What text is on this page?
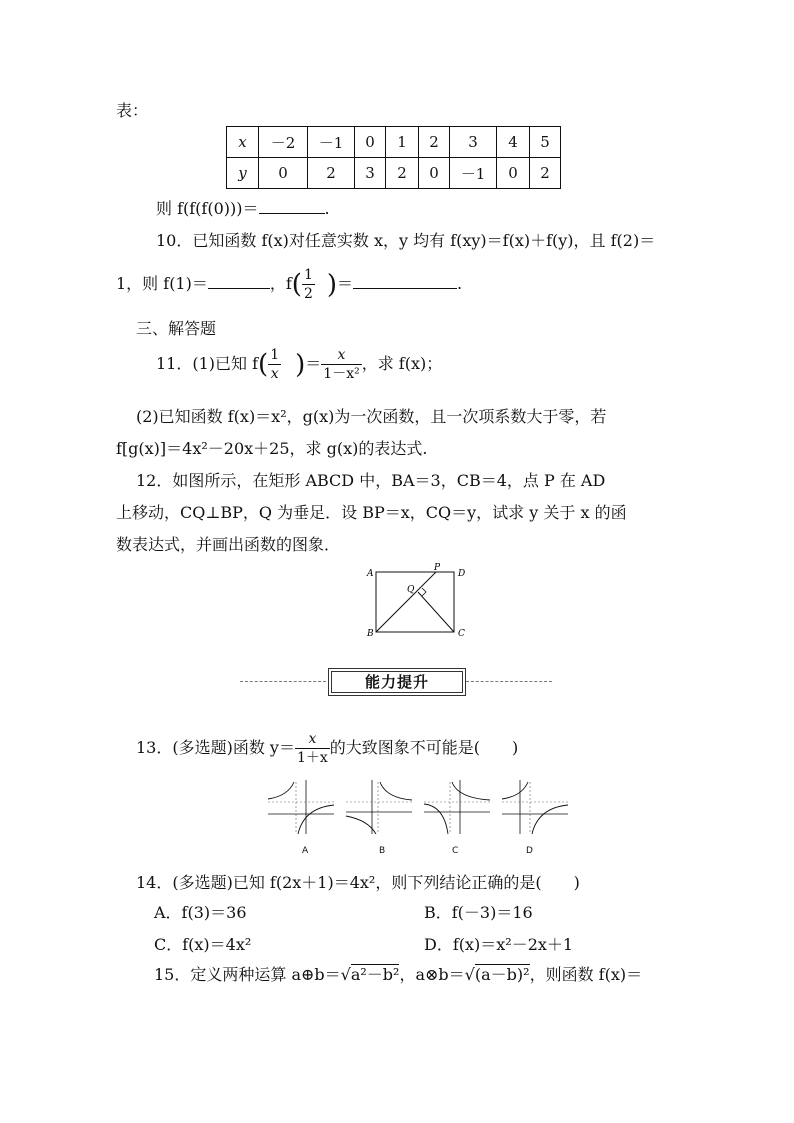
表：
x	－2	－1	0	1	2	3	4	5
y	0	2	3	2	0	－1	0	2
则 f(f(f(0)))＝	.
10．已知函数 f(x)对任意实数 x，y 均有 f(xy)＝f(x)＋f(y)，且 f(2)＝
1，则 f(1)＝	，$f( \frac{1}{2}$ )＝	.
三、解答题
11．(1)已知 $f( \frac{1}{x}$ )＝ $\frac{x}{\text{1－x²}}$ ，求 f(x)；
(2)已知函数 f(x)＝x²，g(x)为一次函数，且一次项系数大于零，若
f[g(x)]＝4x²－20x＋25，求 g(x)的表达式.
12．如图所示，在矩形 ABCD 中，BA＝3，CB＝4，点 P 在 AD
上移动，CQ⊥BP，Q 为垂足．设 BP＝x，CQ＝y，试求 y 关于 x 的函
数表达式，并画出函数的图象．
A
B	C
D
P
Q
能力提升
13．(多选题)函数 $y= \frac{x}{1+x}$ 的大致图象不可能是(　　)
A	B	C	D
14．(多选题)已知 f(2x＋1)＝4x²，则下列结论正确的是(　　)
A．f(3)＝36	B．f(－3)＝16
C．f(x)＝4x²	D．f(x)＝x²－2x＋1
15．定义两种运算 a⊕b＝√a²－b²，a⊗b＝√(a－b)²，则函数 f(x)＝
